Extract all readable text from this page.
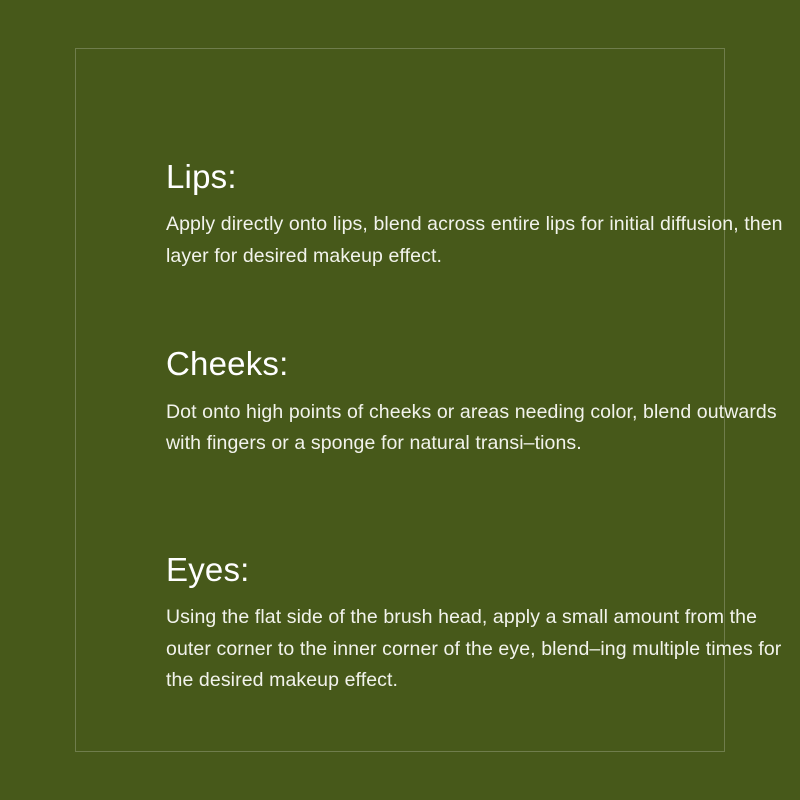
Lips:

Apply directly onto lips, blend across entire lips for initial diffusion, then layer for desired makeup effect.

Cheeks:

Dot onto high points of cheeks or areas needing color, blend outwards with fingers or a sponge for natural transi–tions.

Eyes:

Using the flat side of the brush head, apply a small amount from the outer corner to the inner corner of the eye, blend–ing multiple times for the desired makeup effect.
